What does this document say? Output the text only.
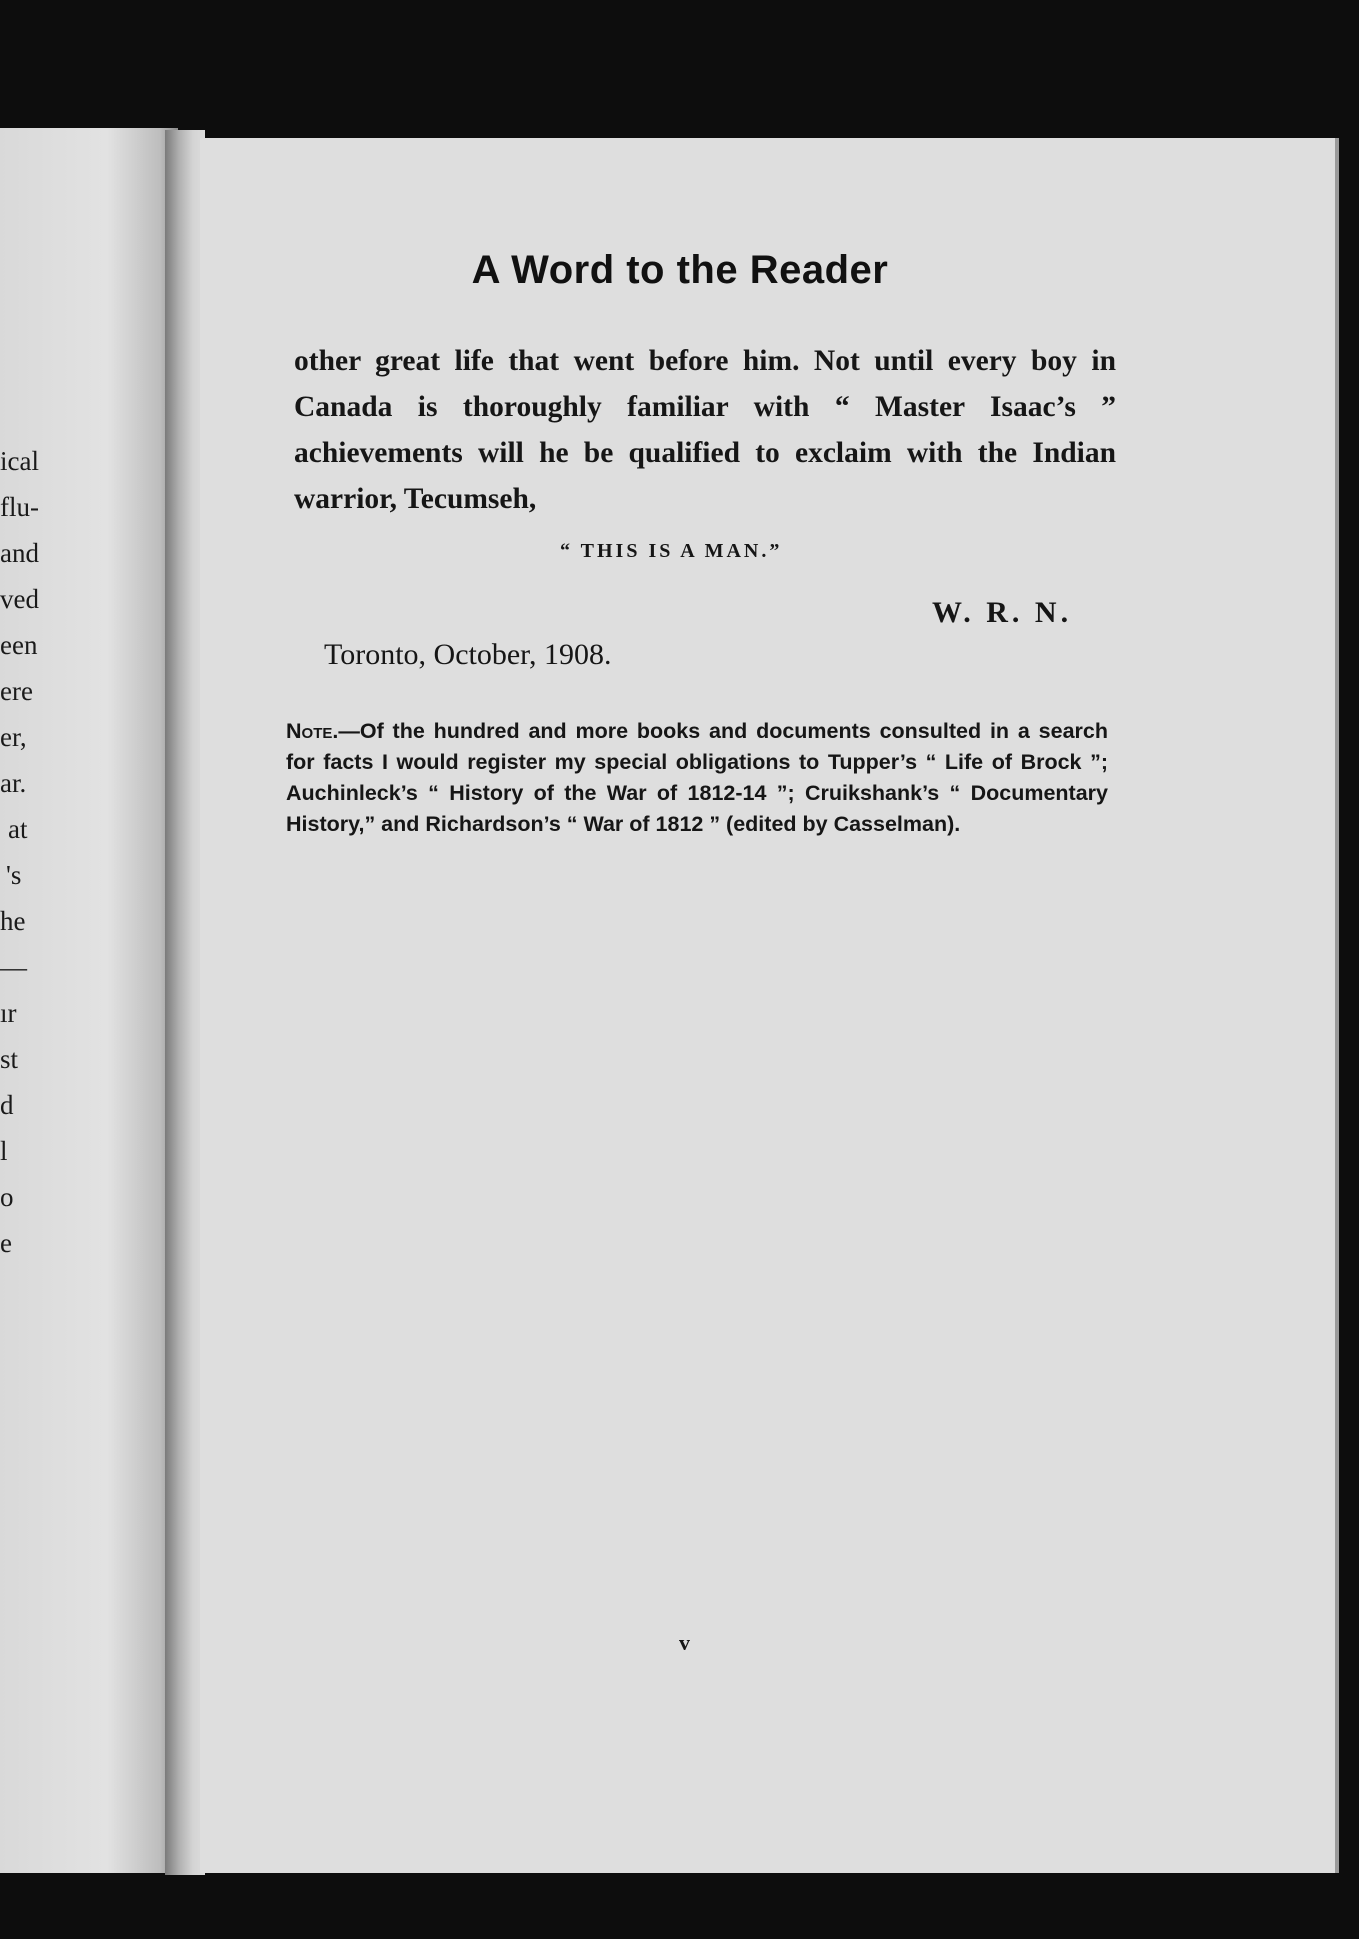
ical
flu-
and
ved
een
ere
er,
ar.
at
's
he
—
ır
st
d
l
o
e
A Word to the Reader
other great life that went before him. Not until every boy in Canada is thoroughly familiar with “ Master Isaac’s ” achievements will he be qualified to exclaim with the Indian warrior, Tecumseh,
“ THIS IS A MAN.”
W. R. N.
Toronto, October, 1908.
Note.—Of the hundred and more books and documents consulted in a search for facts I would register my special obligations to Tupper’s “ Life of Brock ”; Auchinleck’s “ History of the War of 1812-14 ”; Cruikshank’s “ Documentary History,” and Richardson’s “ War of 1812 ” (edited by Casselman).
v
